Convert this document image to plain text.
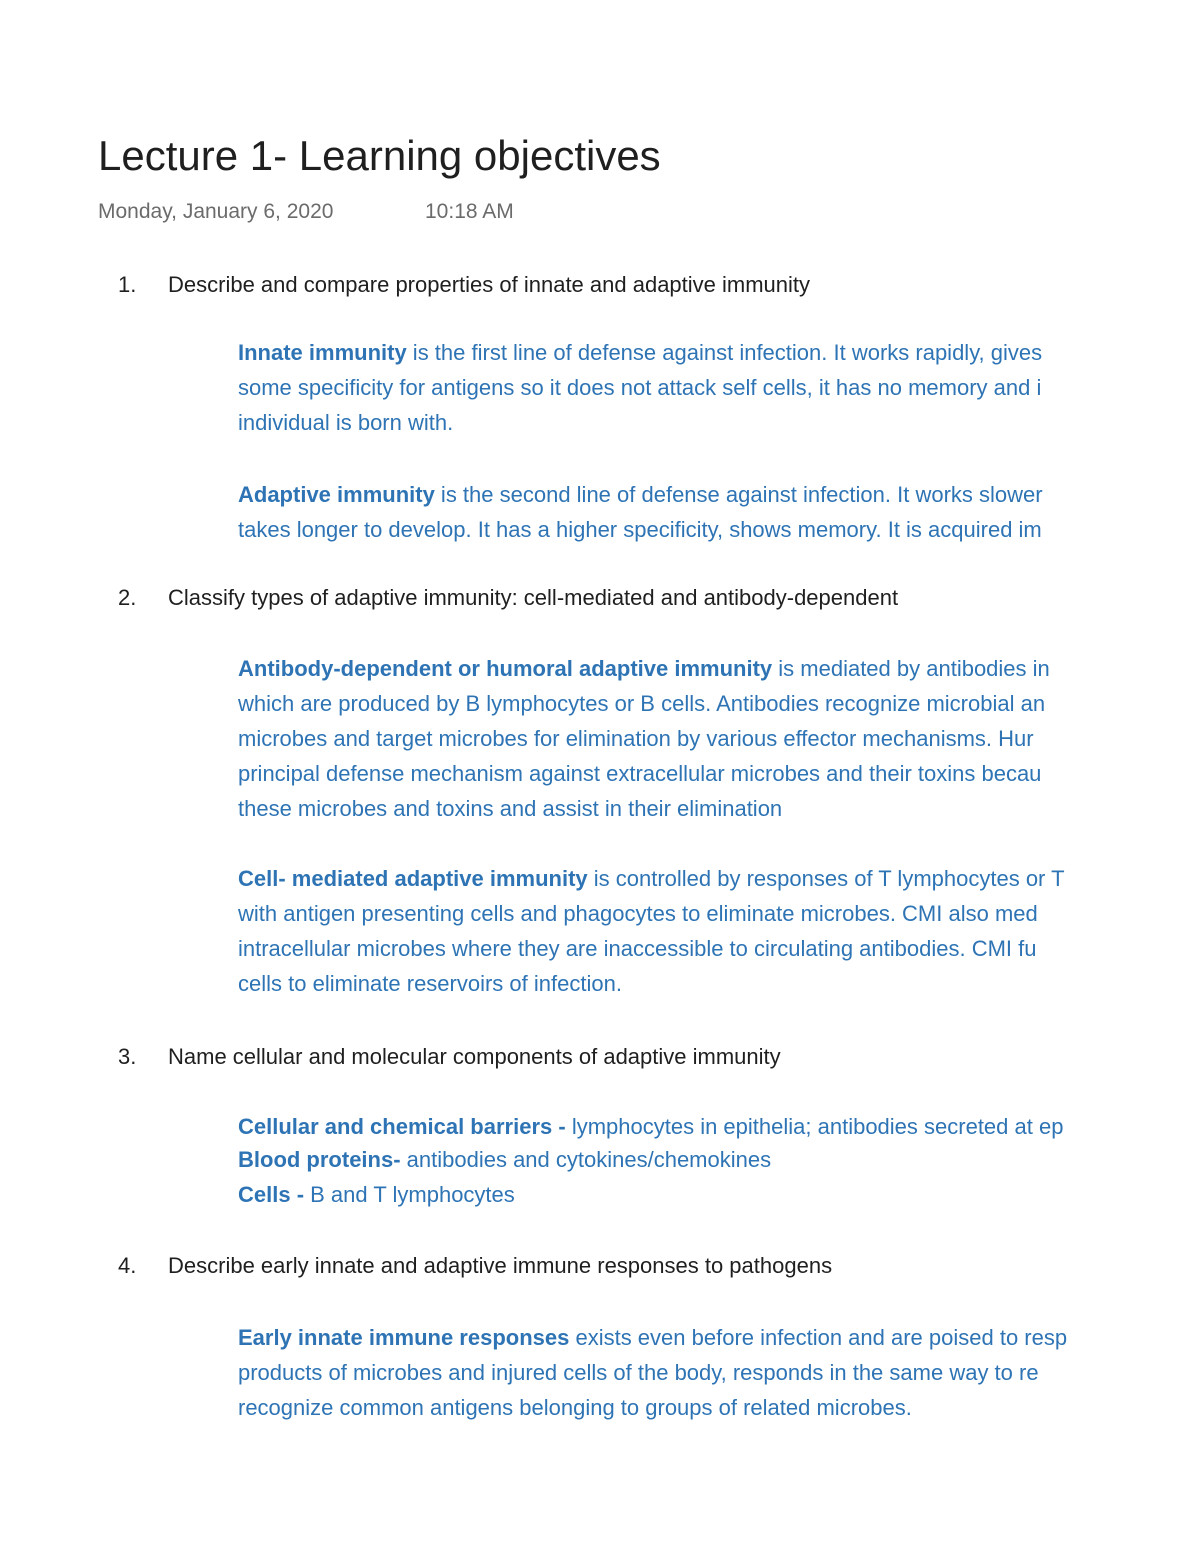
Lecture 1- Learning objectives
Monday, January 6, 2020	10:18 AM
1. Describe and compare properties of innate and adaptive immunity
Innate immunity is the first line of defense against infection. It works rapidly, gives
some specificity for antigens so it does not attack self cells, it has no memory and i
individual is born with.
Adaptive immunity is the second line of defense against infection. It works slower
takes longer to develop. It has a higher specificity, shows memory. It is acquired im
2. Classify types of adaptive immunity: cell-mediated and antibody-dependent
Antibody-dependent or humoral adaptive immunity is mediated by antibodies in
which are produced by B lymphocytes or B cells. Antibodies recognize microbial an
microbes and target microbes for elimination by various effector mechanisms. Hur
principal defense mechanism against extracellular microbes and their toxins becau
these microbes and toxins and assist in their elimination
Cell- mediated adaptive immunity is controlled by responses of T lymphocytes or T
with antigen presenting cells and phagocytes to eliminate microbes. CMI also med
intracellular microbes where they are inaccessible to circulating antibodies. CMI fu
cells to eliminate reservoirs of infection.
3. Name cellular and molecular components of adaptive immunity
Cellular and chemical barriers - lymphocytes in epithelia; antibodies secreted at ep
Blood proteins- antibodies and cytokines/chemokines
Cells - B and T lymphocytes
4. Describe early innate and adaptive immune responses to pathogens
Early innate immune responses exists even before infection and are poised to resp
products of microbes and injured cells of the body, responds in the same way to re
recognize common antigens belonging to groups of related microbes.
